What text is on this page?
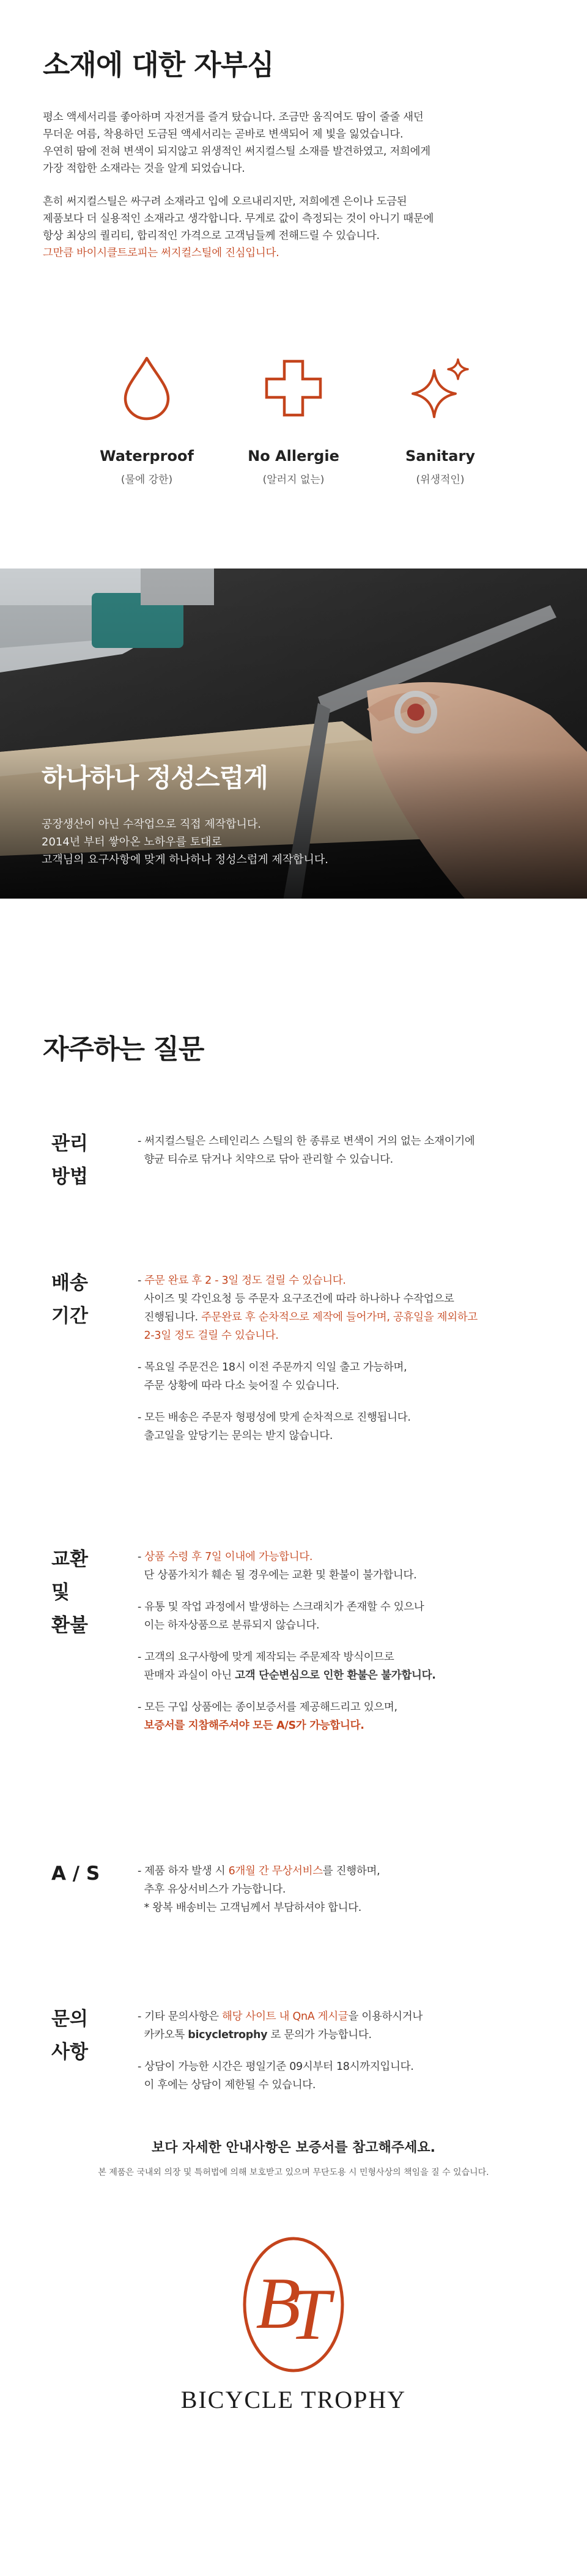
소재에 대한 자부심

평소 액세서리를 좋아하며 자전거를 즐겨 탔습니다. 조금만 움직여도 땀이 줄줄 새던
무더운 여름, 착용하던 도금된 액세서리는 곧바로 변색되어 제 빛을 잃었습니다.
우연히 땀에 전혀 변색이 되지않고 위생적인 써지컬스틸 소재를 발견하였고, 저희에게
가장 적합한 소재라는 것을 알게 되었습니다.

흔히 써지컬스틸은 싸구려 소재라고 입에 오르내리지만, 저희에겐 은이나 도금된
제품보다 더 실용적인 소재라고 생각합니다. 무게로 값이 측정되는 것이 아니기 때문에
항상 최상의 퀄리티, 합리적인 가격으로 고객님들께 전해드릴 수 있습니다.
그만큼 바이시클트로피는 써지컬스틸에 진심입니다.

Waterproof
(물에 강한)
No Allergie
(알러지 없는)
Sanitary
(위생적인)
하나하나 정성스럽게
공장생산이 아닌 수작업으로 직접 제작합니다.
2014년 부터 쌓아온 노하우를 토대로
고객님의 요구사항에 맞게 하나하나 정성스럽게 제작합니다.
자주하는 질문
관리
방법
- 써지컬스틸은 스테인리스 스틸의 한 종류로 변색이 거의 없는 소재이기에
향균 티슈로 닦거나 치약으로 닦아 관리할 수 있습니다.
배송
기간
- 주문 완료 후 2 - 3일 정도 걸릴 수 있습니다.
사이즈 및 각인요청 등 주문자 요구조건에 따라 하나하나 수작업으로
진행됩니다. 주문완료 후 순차적으로 제작에 들어가며, 공휴일을 제외하고
2-3일 정도 걸릴 수 있습니다.
- 목요일 주문건은 18시 이전 주문까지 익일 출고 가능하며,
주문 상황에 따라 다소 늦어질 수 있습니다.
- 모든 배송은 주문자 형평성에 맞게 순차적으로 진행됩니다.
출고일을 앞당기는 문의는 받지 않습니다.
교환
및
환불
- 상품 수령 후 7일 이내에 가능합니다.
단 상품가치가 훼손 될 경우에는 교환 및 환불이 불가합니다.
- 유통 및 작업 과정에서 발생하는 스크래치가 존재할 수 있으나
이는 하자상품으로 분류되지 않습니다.
- 고객의 요구사항에 맞게 제작되는 주문제작 방식이므로
판매자 과실이 아닌 고객 단순변심으로 인한 환불은 불가합니다.
- 모든 구입 상품에는 종이보증서를 제공해드리고 있으며,
보증서를 지참해주셔야 모든 A/S가 가능합니다.
A / S	- 제품 하자 발생 시 6개월 간 무상서비스를 진행하며,
추후 유상서비스가 가능합니다.
* 왕복 배송비는 고객님께서 부담하셔야 합니다.
문의
사항
- 기타 문의사항은 해당 사이트 내 QnA 게시글을 이용하시거나
카카오톡 bicycletrophy 로 문의가 가능합니다.
- 상담이 가능한 시간은 평일기준 09시부터 18시까지입니다.
이 후에는 상담이 제한될 수 있습니다.
보다 자세한 안내사항은 보증서를 참고해주세요.
본 제품은 국내외 의장 및 특허법에 의해 보호받고 있으며 무단도용 시 민형사상의 책임을 질 수 있습니다.
B
T
BICYCLE TROPHY
